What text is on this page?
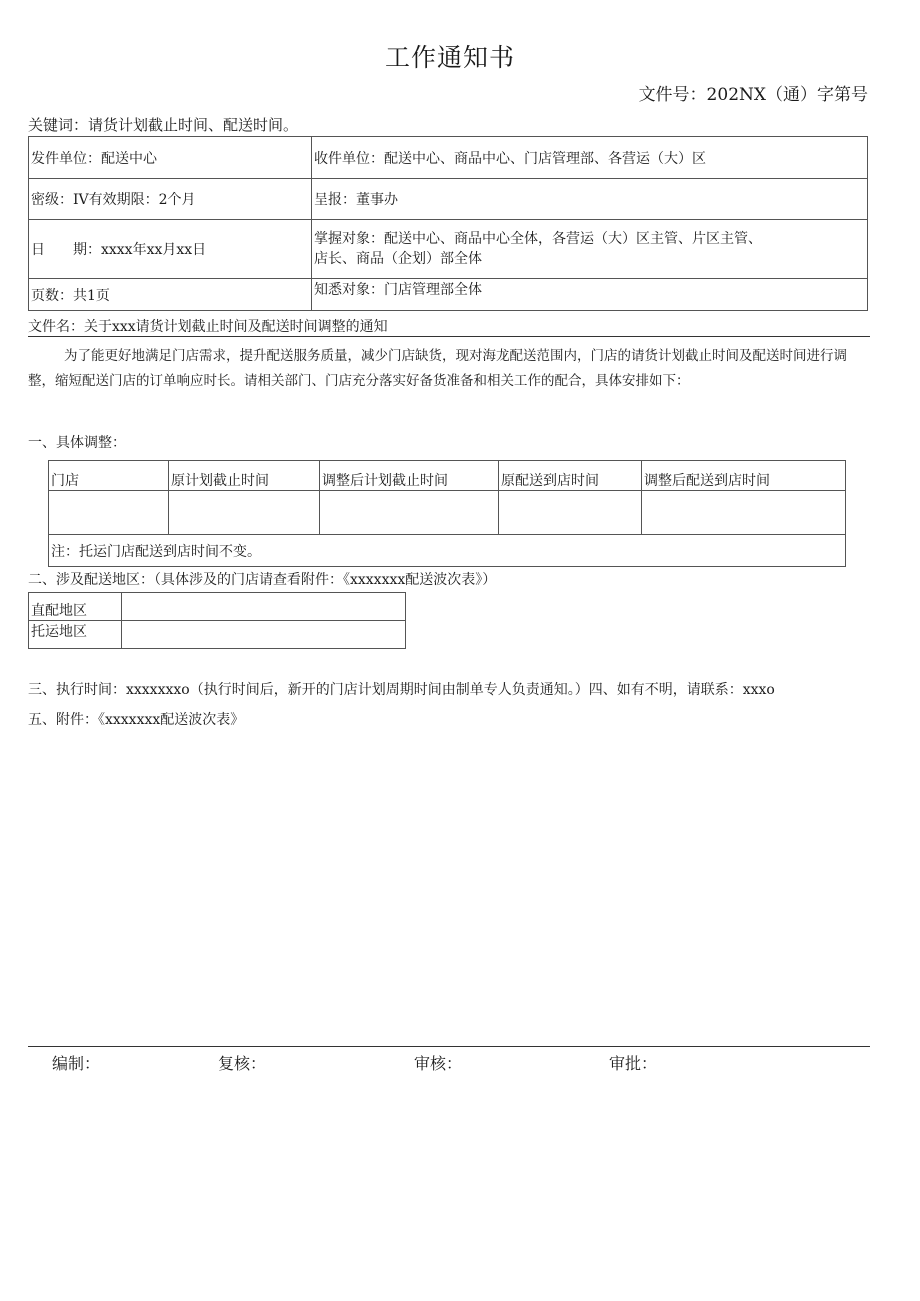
工作通知书
文件号：202NX（通）字第号
关键词：请货计划截止时间、配送时间。
发件单位：配送中心	收件单位：配送中心、商品中心、门店管理部、各营运（大）区
密级：IV有效期限：2个月	呈报：董事办
日 期：xxxx年xx月xx日	掌握对象：配送中心、商品中心全体，各营运（大）区主管、片区主管、
店长、商品（企划）部全体

页数：共1页	知悉对象：门店管理部全体
文件名：关于xxx请货计划截止时间及配送时间调整的通知
为了能更好地满足门店需求，提升配送服务质量，减少门店缺货，现对海龙配送范围内，门店的请货计划截止时间及配送时间进行调整，缩短配送门店的订单响应时长。请相关部门、门店充分落实好备货准备和相关工作的配合，具体安排如下：
一、具体调整：
门店	原计划截止时间	调整后计划截止时间	原配送到店时间	调整后配送到店时间

注：托运门店配送到店时间不变。				
二、涉及配送地区：（具体涉及的门店请查看附件：《xxxxxxx配送波次表》）
直配地区	
托运地区	
三、执行时间：xxxxxxxo（执行时间后，新开的门店计划周期时间由制单专人负责通知。）四、如有不明，请联系：xxxo
五、附件：《xxxxxxx配送波次表》
编制：	复核：	审核：	审批：
